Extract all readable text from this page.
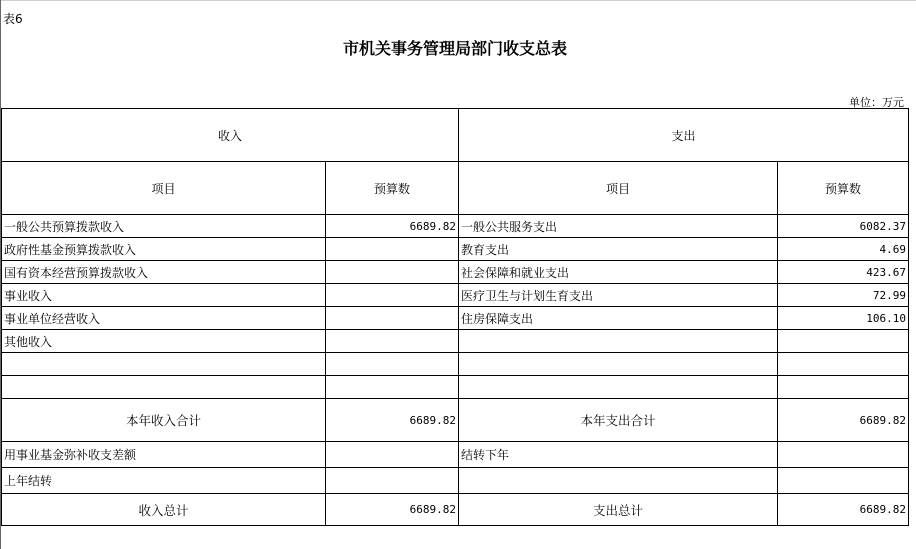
表6
市机关事务管理局部门收支总表
单位：万元
收入		支出	
项目	预算数	项目	预算数
一般公共预算拨款收入	6689.82	一般公共服务支出	6082.37
政府性基金预算拨款收入		教育支出	4.69
国有资本经营预算拨款收入		社会保障和就业支出	423.67
事业收入		医疗卫生与计划生育支出	72.99
事业单位经营收入		住房保障支出	106.10
其他收入			

本年收入合计	6689.82	本年支出合计	6689.82
用事业基金弥补收支差额		结转下年	
上年结转			
收入总计	6689.82	支出总计	6689.82
